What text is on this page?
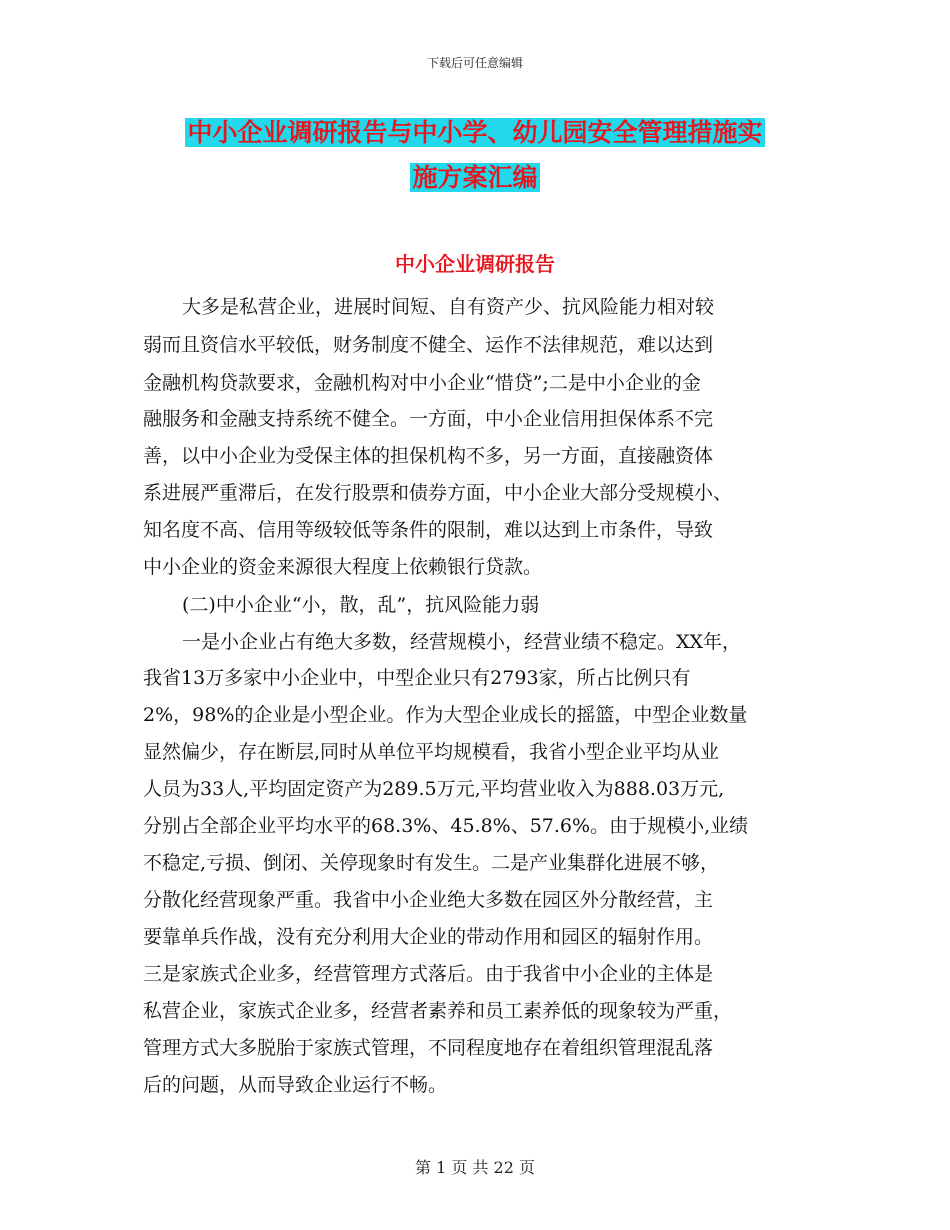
下载后可任意编辑
中小企业调研报告与中小学、幼儿园安全管理措施实
施方案汇编
中小企业调研报告
大多是私营企业，进展时间短、自有资产少、抗风险能力相对较
弱而且资信水平较低，财务制度不健全、运作不法律规范，难以达到
金融机构贷款要求，金融机构对中小企业“惜贷”;二是中小企业的金
融服务和金融支持系统不健全。一方面，中小企业信用担保体系不完
善，以中小企业为受保主体的担保机构不多，另一方面，直接融资体
系进展严重滞后，在发行股票和债券方面，中小企业大部分受规模小、
知名度不高、信用等级较低等条件的限制，难以达到上市条件，导致
中小企业的资金来源很大程度上依赖银行贷款。
(二)中小企业“小，散，乱”，抗风险能力弱
一是小企业占有绝大多数，经营规模小，经营业绩不稳定。XX年，
我省13万多家中小企业中，中型企业只有2793家，所占比例只有
2%，98%的企业是小型企业。作为大型企业成长的摇篮，中型企业数量
显然偏少，存在断层,同时从单位平均规模看，我省小型企业平均从业
人员为33人,平均固定资产为289.5万元,平均营业收入为888.03万元,
分别占全部企业平均水平的68.3%、45.8%、57.6%。由于规模小,业绩
不稳定,亏损、倒闭、关停现象时有发生。二是产业集群化进展不够，
分散化经营现象严重。我省中小企业绝大多数在园区外分散经营，主
要靠单兵作战，没有充分利用大企业的带动作用和园区的辐射作用。
三是家族式企业多，经营管理方式落后。由于我省中小企业的主体是
私营企业，家族式企业多，经营者素养和员工素养低的现象较为严重，
管理方式大多脱胎于家族式管理，不同程度地存在着组织管理混乱落
后的问题，从而导致企业运行不畅。
第 1 页 共 22 页
